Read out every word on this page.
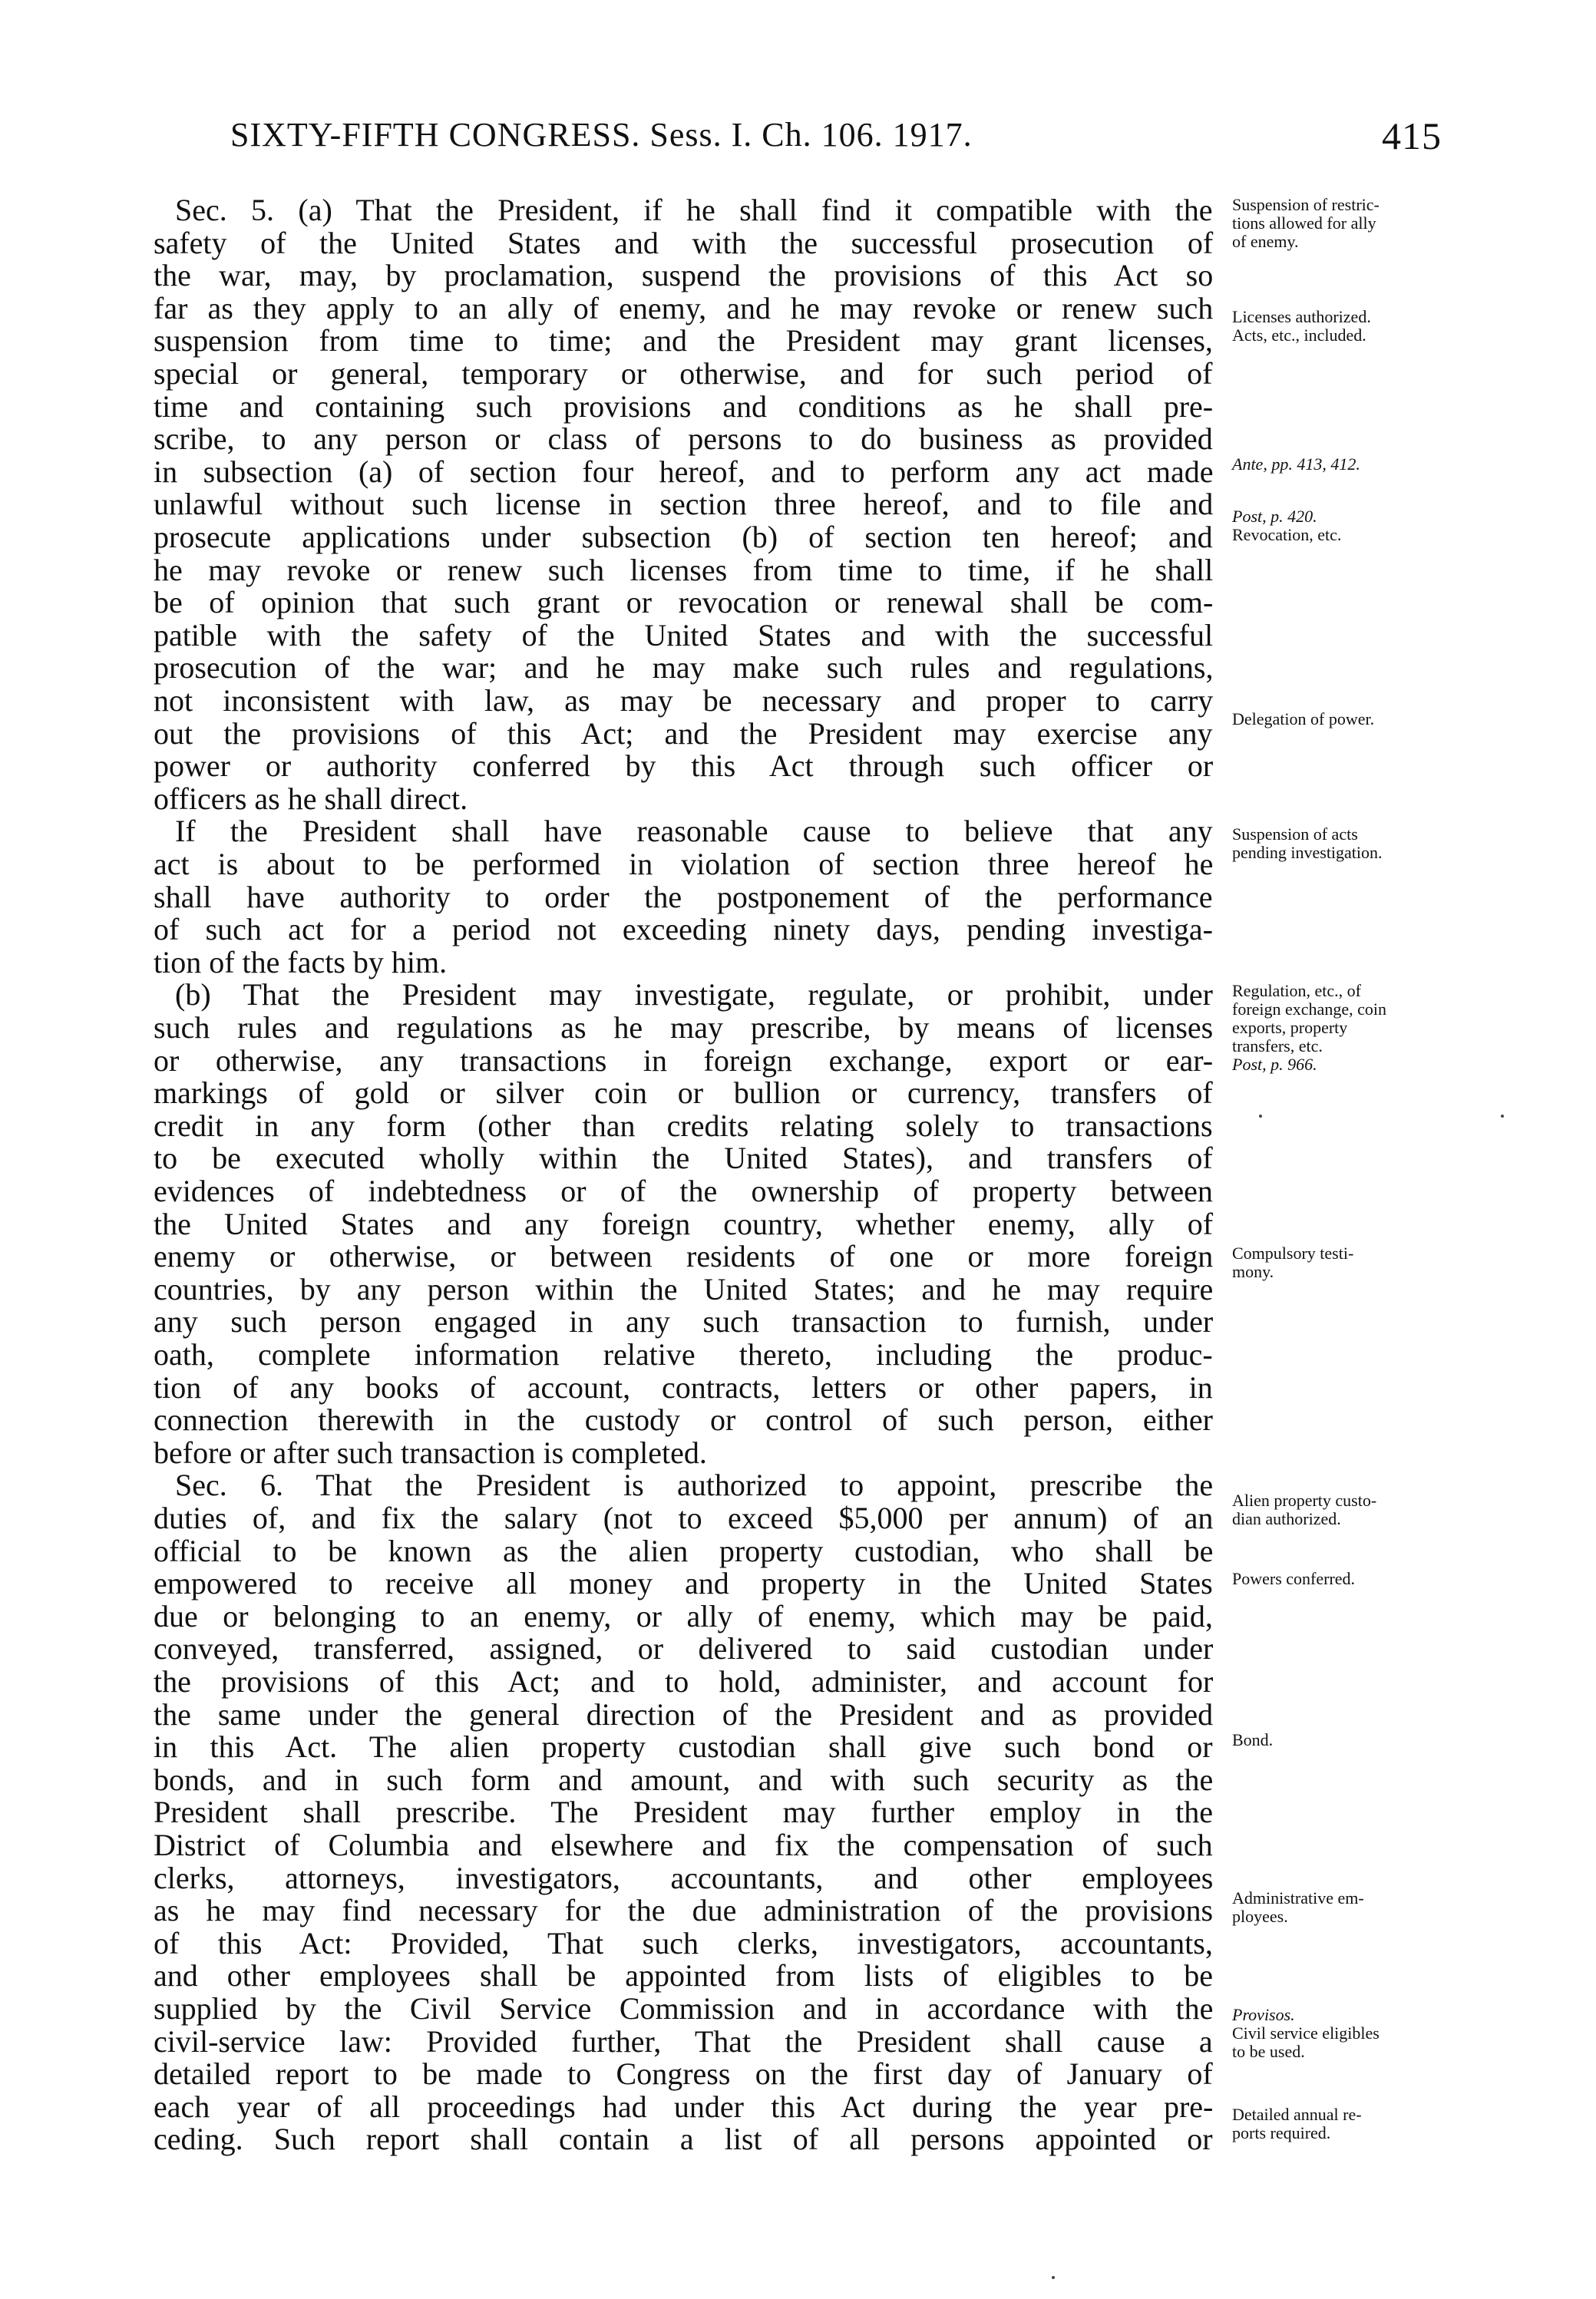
SIXTY-FIFTH CONGRESS. Sess. I. Ch. 106. 1917.	415
Sec. 5. (a) That the President, if he shall find it compatible with the
safety of the United States and with the successful prosecution of
the war, may, by proclamation, suspend the provisions of this Act so
far as they apply to an ally of enemy, and he may revoke or renew such
suspension from time to time; and the President may grant licenses,
special or general, temporary or otherwise, and for such period of
time and containing such provisions and conditions as he shall pre-
scribe, to any person or class of persons to do business as provided
in subsection (a) of section four hereof, and to perform any act made
unlawful without such license in section three hereof, and to file and
prosecute applications under subsection (b) of section ten hereof; and
he may revoke or renew such licenses from time to time, if he shall
be of opinion that such grant or revocation or renewal shall be com-
patible with the safety of the United States and with the successful
prosecution of the war; and he may make such rules and regulations,
not inconsistent with law, as may be necessary and proper to carry
out the provisions of this Act; and the President may exercise any
power or authority conferred by this Act through such officer or
officers as he shall direct.
If the President shall have reasonable cause to believe that any
act is about to be performed in violation of section three hereof he
shall have authority to order the postponement of the performance
of such act for a period not exceeding ninety days, pending investiga-
tion of the facts by him.
(b) That the President may investigate, regulate, or prohibit, under
such rules and regulations as he may prescribe, by means of licenses
or otherwise, any transactions in foreign exchange, export or ear-
markings of gold or silver coin or bullion or currency, transfers of
credit in any form (other than credits relating solely to transactions
to be executed wholly within the United States), and transfers of
evidences of indebtedness or of the ownership of property between
the United States and any foreign country, whether enemy, ally of
enemy or otherwise, or between residents of one or more foreign
countries, by any person within the United States; and he may require
any such person engaged in any such transaction to furnish, under
oath, complete information relative thereto, including the produc-
tion of any books of account, contracts, letters or other papers, in
connection therewith in the custody or control of such person, either
before or after such transaction is completed.
Sec. 6. That the President is authorized to appoint, prescribe the
duties of, and fix the salary (not to exceed $5,000 per annum) of an
official to be known as the alien property custodian, who shall be
empowered to receive all money and property in the United States
due or belonging to an enemy, or ally of enemy, which may be paid,
conveyed, transferred, assigned, or delivered to said custodian under
the provisions of this Act; and to hold, administer, and account for
the same under the general direction of the President and as provided
in this Act. The alien property custodian shall give such bond or
bonds, and in such form and amount, and with such security as the
President shall prescribe. The President may further employ in the
District of Columbia and elsewhere and fix the compensation of such
clerks, attorneys, investigators, accountants, and other employees
as he may find necessary for the due administration of the provisions
of this Act: Provided, That such clerks, investigators, accountants,
and other employees shall be appointed from lists of eligibles to be
supplied by the Civil Service Commission and in accordance with the
civil-service law: Provided further, That the President shall cause a
detailed report to be made to Congress on the first day of January of
each year of all proceedings had under this Act during the year pre-
ceding. Such report shall contain a list of all persons appointed or
Suspension of restric-
tions allowed for ally
of enemy.
Licenses authorized.
Acts, etc., included.
Ante, pp. 413, 412.
Post, p. 420.
Revocation, etc.
Delegation of power.
Suspension of acts
pending investigation.
Regulation, etc., of
foreign exchange, coin
exports, property
transfers, etc.
Post, p. 966.
Compulsory testi-
mony.
Alien property custo-
dian authorized.
Powers conferred.
Bond.
Administrative em-
ployees.
Provisos.
Civil service eligibles
to be used.
Detailed annual re-
ports required.
